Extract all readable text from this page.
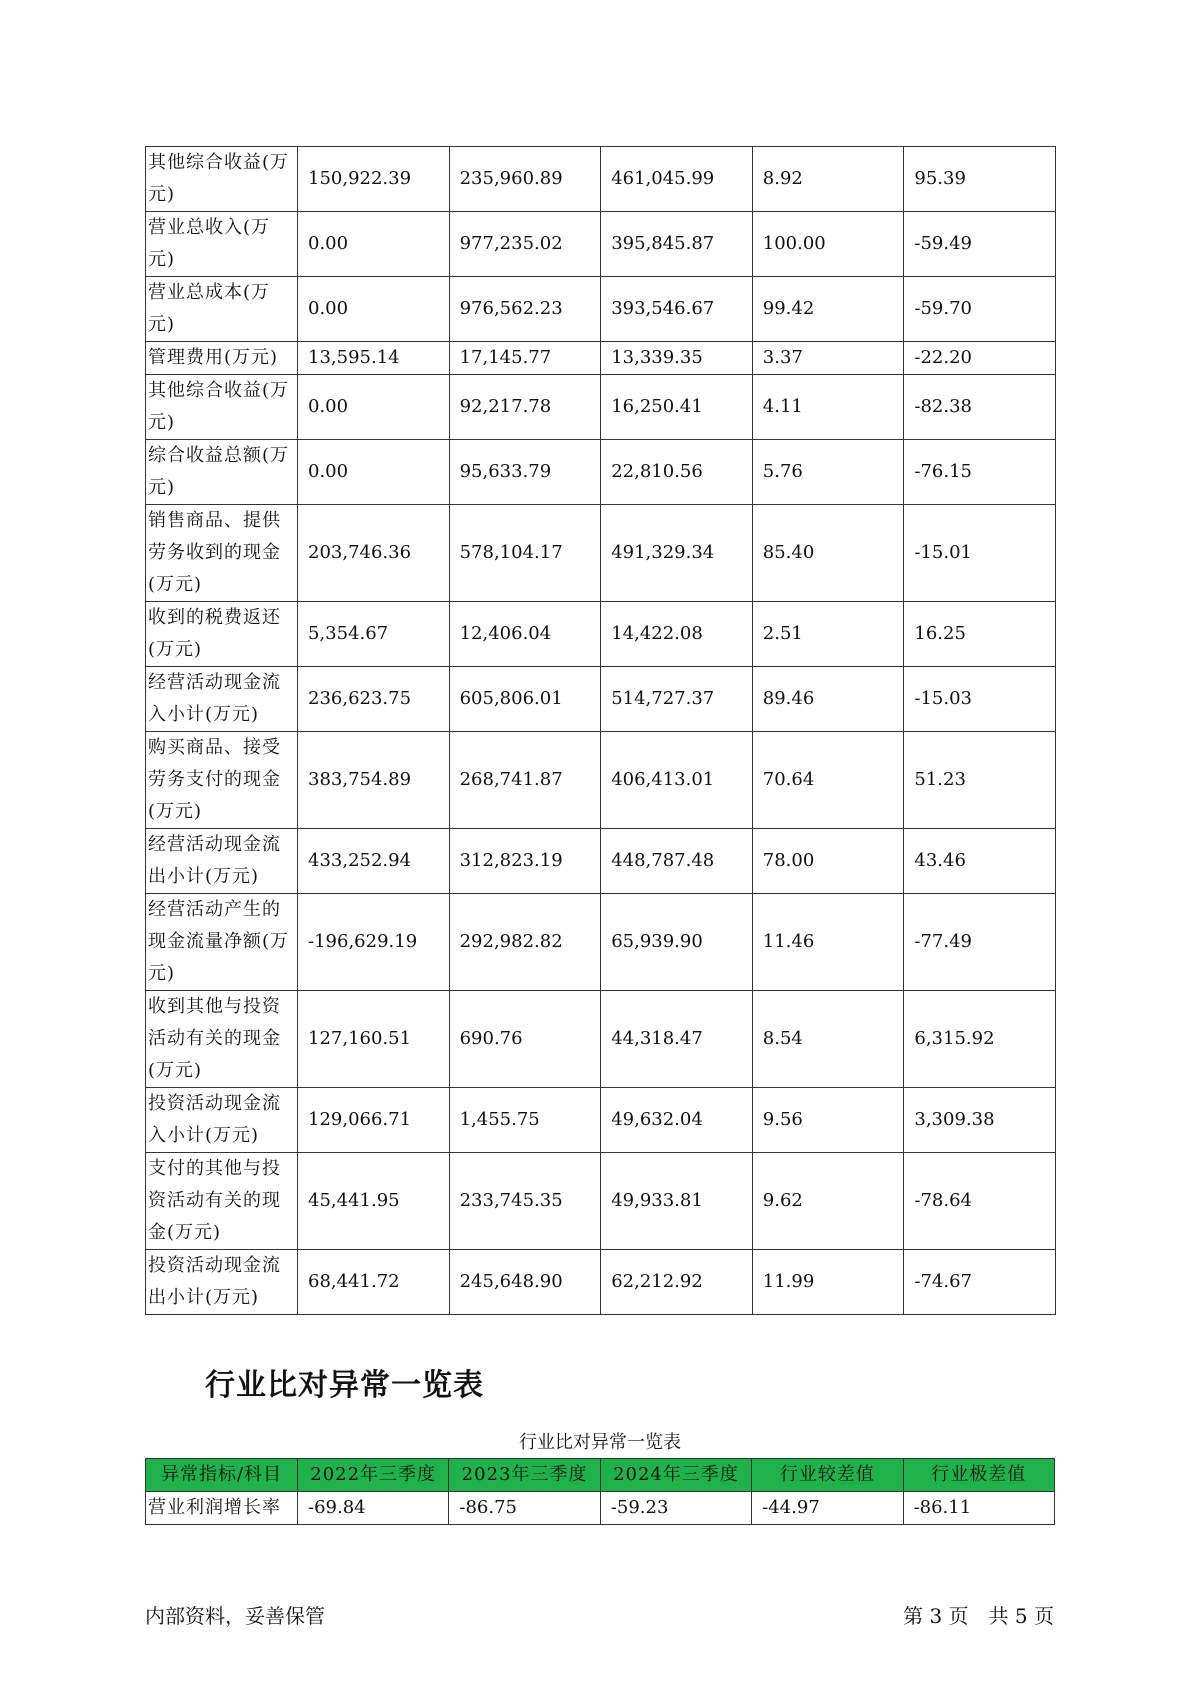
其他综合收益(万元)	150,922.39	235,960.89	461,045.99	8.92	95.39
营业总收入(万元)	0.00	977,235.02	395,845.87	100.00	-59.49
营业总成本(万元)	0.00	976,562.23	393,546.67	99.42	-59.70
管理费用(万元)	13,595.14	17,145.77	13,339.35	3.37	-22.20
其他综合收益(万元)	0.00	92,217.78	16,250.41	4.11	-82.38
综合收益总额(万元)	0.00	95,633.79	22,810.56	5.76	-76.15
销售商品、提供劳务收到的现金(万元)	203,746.36	578,104.17	491,329.34	85.40	-15.01
收到的税费返还(万元)	5,354.67	12,406.04	14,422.08	2.51	16.25
经营活动现金流入小计(万元)	236,623.75	605,806.01	514,727.37	89.46	-15.03
购买商品、接受劳务支付的现金(万元)	383,754.89	268,741.87	406,413.01	70.64	51.23
经营活动现金流出小计(万元)	433,252.94	312,823.19	448,787.48	78.00	43.46
经营活动产生的现金流量净额(万元)	-196,629.19	292,982.82	65,939.90	11.46	-77.49
收到其他与投资活动有关的现金(万元)	127,160.51	690.76	44,318.47	8.54	6,315.92
投资活动现金流入小计(万元)	129,066.71	1,455.75	49,632.04	9.56	3,309.38
支付的其他与投资活动有关的现金(万元)	45,441.95	233,745.35	49,933.81	9.62	-78.64
投资活动现金流出小计(万元)	68,441.72	245,648.90	62,212.92	11.99	-74.67
行业比对异常一览表
行业比对异常一览表
异常指标/科目	2022年三季度	2023年三季度	2024年三季度	行业较差值	行业极差值
营业利润增长率	-69.84	-86.75	-59.23	-44.97	-86.11
内部资料，妥善保管	第 3 页　共 5 页
